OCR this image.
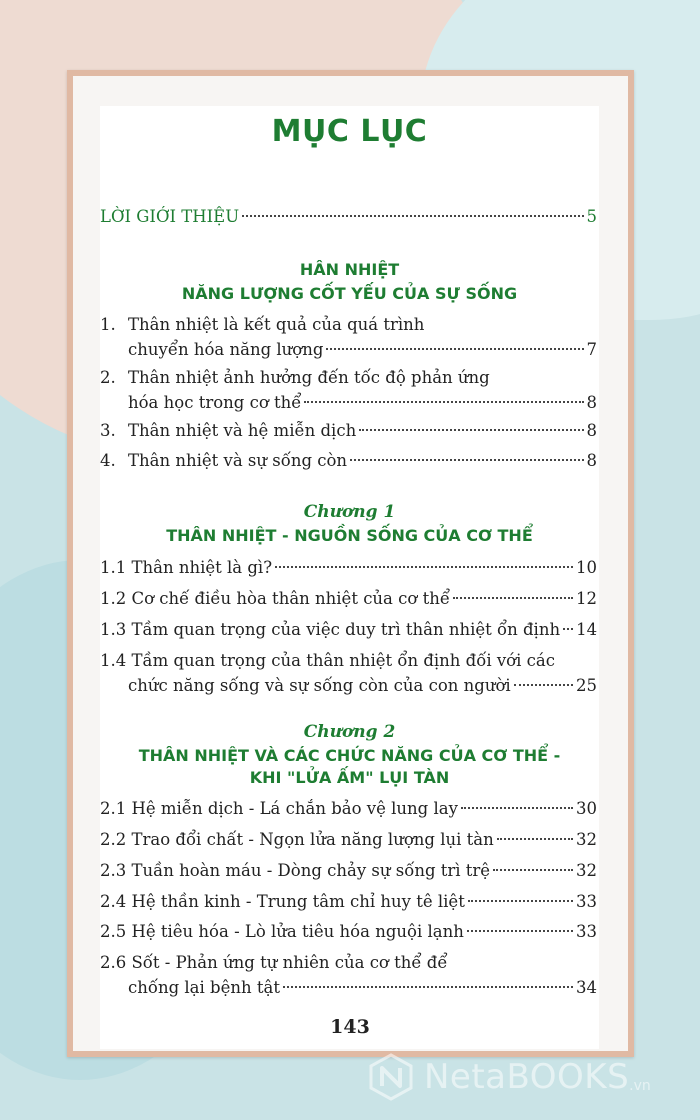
MỤC LỤC
LỜI GIỚI THIỆU	5
HÂN NHIỆT
NĂNG LƯỢNG CỐT YẾU CỦA SỰ SỐNG
1. Thân nhiệt là kết quả của quá trình
chuyển hóa năng lượng	7
2. Thân nhiệt ảnh hưởng đến tốc độ phản ứng
hóa học trong cơ thể	8
3. Thân nhiệt và hệ miễn dịch	8
4. Thân nhiệt và sự sống còn	8
Chương 1
THÂN NHIỆT - NGUỒN SỐNG CỦA CƠ THỂ
1.1 Thân nhiệt là gì?	10
1.2 Cơ chế điều hòa thân nhiệt của cơ thể	12
1.3 Tầm quan trọng của việc duy trì thân nhiệt ổn định 14
1.4 Tầm quan trọng của thân nhiệt ổn định đối với các
chức năng sống và sự sống còn của con người	25
Chương 2
THÂN NHIỆT VÀ CÁC CHỨC NĂNG CỦA CƠ THỂ -
KHI "LỬA ẤM" LỤI TÀN
2.1 Hệ miễn dịch - Lá chắn bảo vệ lung lay	30
2.2 Trao đổi chất - Ngọn lửa năng lượng lụi tàn	32
2.3 Tuần hoàn máu - Dòng chảy sự sống trì trệ	32
2.4 Hệ thần kinh - Trung tâm chỉ huy tê liệt	33
2.5 Hệ tiêu hóa - Lò lửa tiêu hóa nguội lạnh	33
2.6 Sốt - Phản ứng tự nhiên của cơ thể để
chống lại bệnh tật	34
143
NetaBOOKS .vn
